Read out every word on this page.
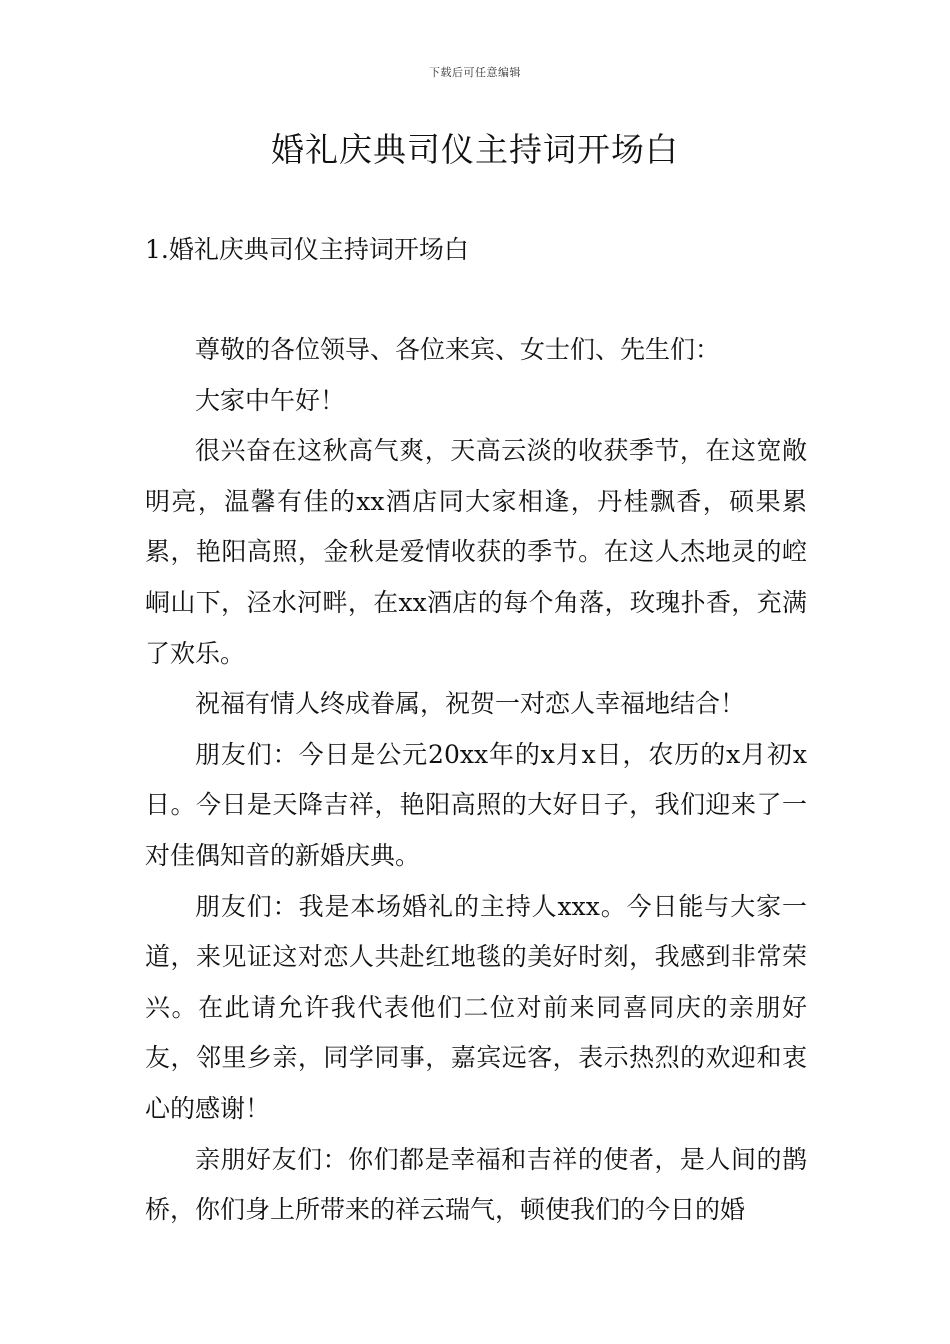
下载后可任意编辑
婚礼庆典司仪主持词开场白
1.婚礼庆典司仪主持词开场白

尊敬的各位领导、各位来宾、女士们、先生们：

大家中午好！

很兴奋在这秋高气爽，天高云淡的收获季节，在这宽敞明亮，温馨有佳的xx酒店同大家相逢，丹桂飘香，硕果累累，艳阳高照，金秋是爱情收获的季节。在这人杰地灵的崆峒山下，泾水河畔，在xx酒店的每个角落，玫瑰扑香，充满了欢乐。

祝福有情人终成眷属，祝贺一对恋人幸福地结合！

朋友们：今日是公元20xx年的x月x日，农历的x月初x日。今日是天降吉祥，艳阳高照的大好日子，我们迎来了一对佳偶知音的新婚庆典。

朋友们：我是本场婚礼的主持人xxx。今日能与大家一道，来见证这对恋人共赴红地毯的美好时刻，我感到非常荣兴。在此请允许我代表他们二位对前来同喜同庆的亲朋好友，邻里乡亲，同学同事，嘉宾远客，表示热烈的欢迎和衷心的感谢！

亲朋好友们：你们都是幸福和吉祥的使者，是人间的鹊桥，你们身上所带来的祥云瑞气，顿使我们的今日的婚
